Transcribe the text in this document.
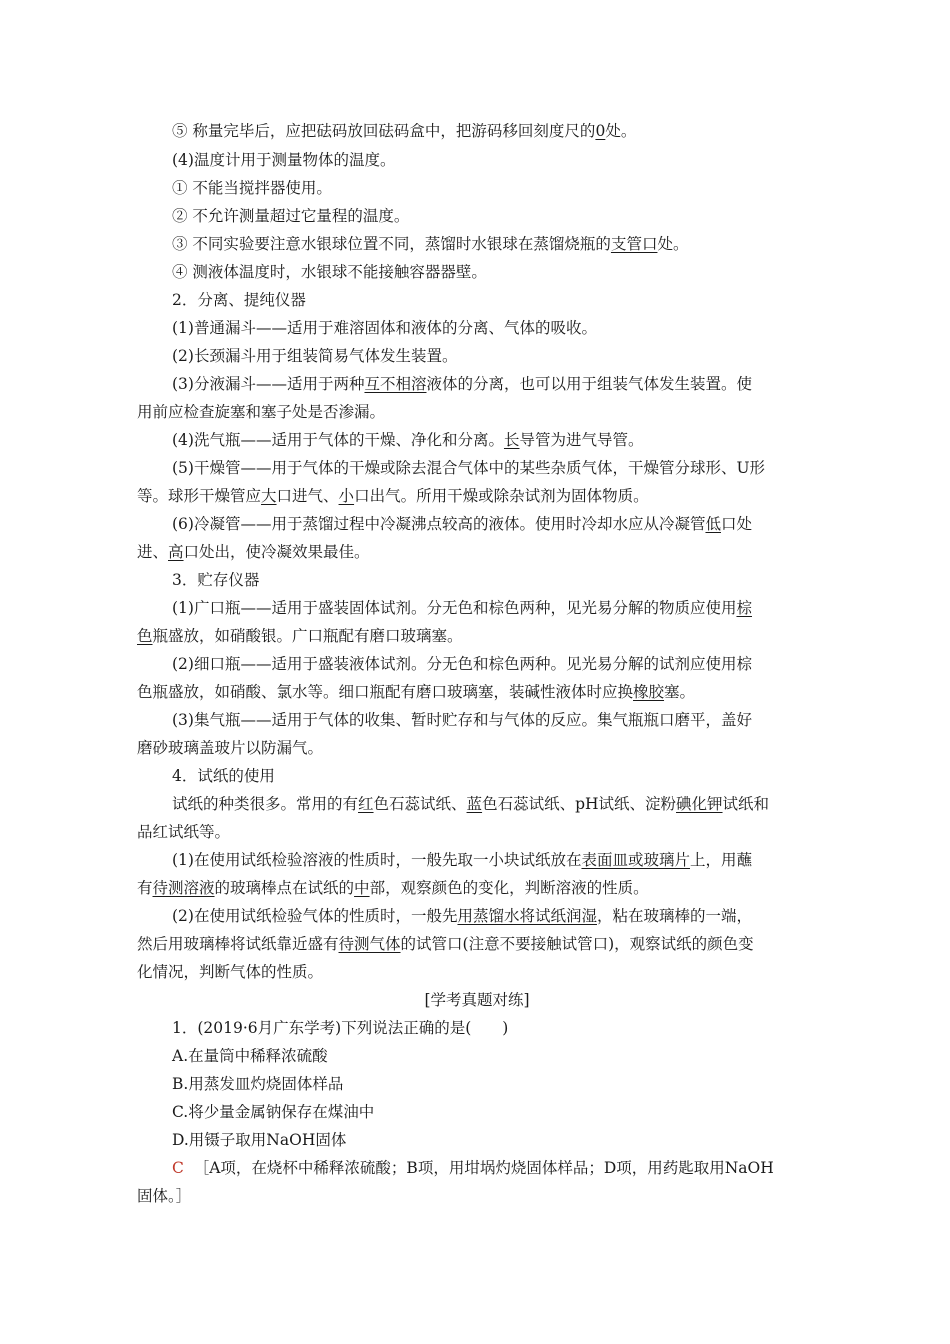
⑤ 称量完毕后，应把砝码放回砝码盒中，把游码移回刻度尺的0处。
(4)温度计用于测量物体的温度。
① 不能当搅拌器使用。
② 不允许测量超过它量程的温度。
③ 不同实验要注意水银球位置不同，蒸馏时水银球在蒸馏烧瓶的支管口处。
④ 测液体温度时，水银球不能接触容器器壁。
2．分离、提纯仪器
(1)普通漏斗——适用于难溶固体和液体的分离、气体的吸收。
(2)长颈漏斗用于组装简易气体发生装置。
(3)分液漏斗——适用于两种互不相溶液体的分离，也可以用于组装气体发生装置。使
用前应检查旋塞和塞子处是否渗漏。
(4)洗气瓶——适用于气体的干燥、净化和分离。长导管为进气导管。
(5)干燥管——用于气体的干燥或除去混合气体中的某些杂质气体，干燥管分球形、U形
等。球形干燥管应大口进气、小口出气。所用干燥或除杂试剂为固体物质。
(6)冷凝管——用于蒸馏过程中冷凝沸点较高的液体。使用时冷却水应从冷凝管低口处
进、高口处出，使冷凝效果最佳。
3．贮存仪器
(1)广口瓶——适用于盛装固体试剂。分无色和棕色两种，见光易分解的物质应使用棕
色瓶盛放，如硝酸银。广口瓶配有磨口玻璃塞。
(2)细口瓶——适用于盛装液体试剂。分无色和棕色两种。见光易分解的试剂应使用棕
色瓶盛放，如硝酸、氯水等。细口瓶配有磨口玻璃塞，装碱性液体时应换橡胶塞。
(3)集气瓶——适用于气体的收集、暂时贮存和与气体的反应。集气瓶瓶口磨平，盖好
磨砂玻璃盖玻片以防漏气。
4．试纸的使用
试纸的种类很多。常用的有红色石蕊试纸、蓝色石蕊试纸、pH试纸、淀粉碘化钾试纸和
品红试纸等。
(1)在使用试纸检验溶液的性质时，一般先取一小块试纸放在表面皿或玻璃片上，用蘸
有待测溶液的玻璃棒点在试纸的中部，观察颜色的变化，判断溶液的性质。
(2)在使用试纸检验气体的性质时，一般先用蒸馏水将试纸润湿，粘在玻璃棒的一端，
然后用玻璃棒将试纸靠近盛有待测气体的试管口(注意不要接触试管口)，观察试纸的颜色变
化情况，判断气体的性质。
[学考真题对练]
1．(2019·6月广东学考)下列说法正确的是(　　)
A.在量筒中稀释浓硫酸
B.用蒸发皿灼烧固体样品
C.将少量金属钠保存在煤油中
D.用镊子取用NaOH固体
C ［A项，在烧杯中稀释浓硫酸；B项，用坩埚灼烧固体样品；D项，用药匙取用NaOH
固体。］
